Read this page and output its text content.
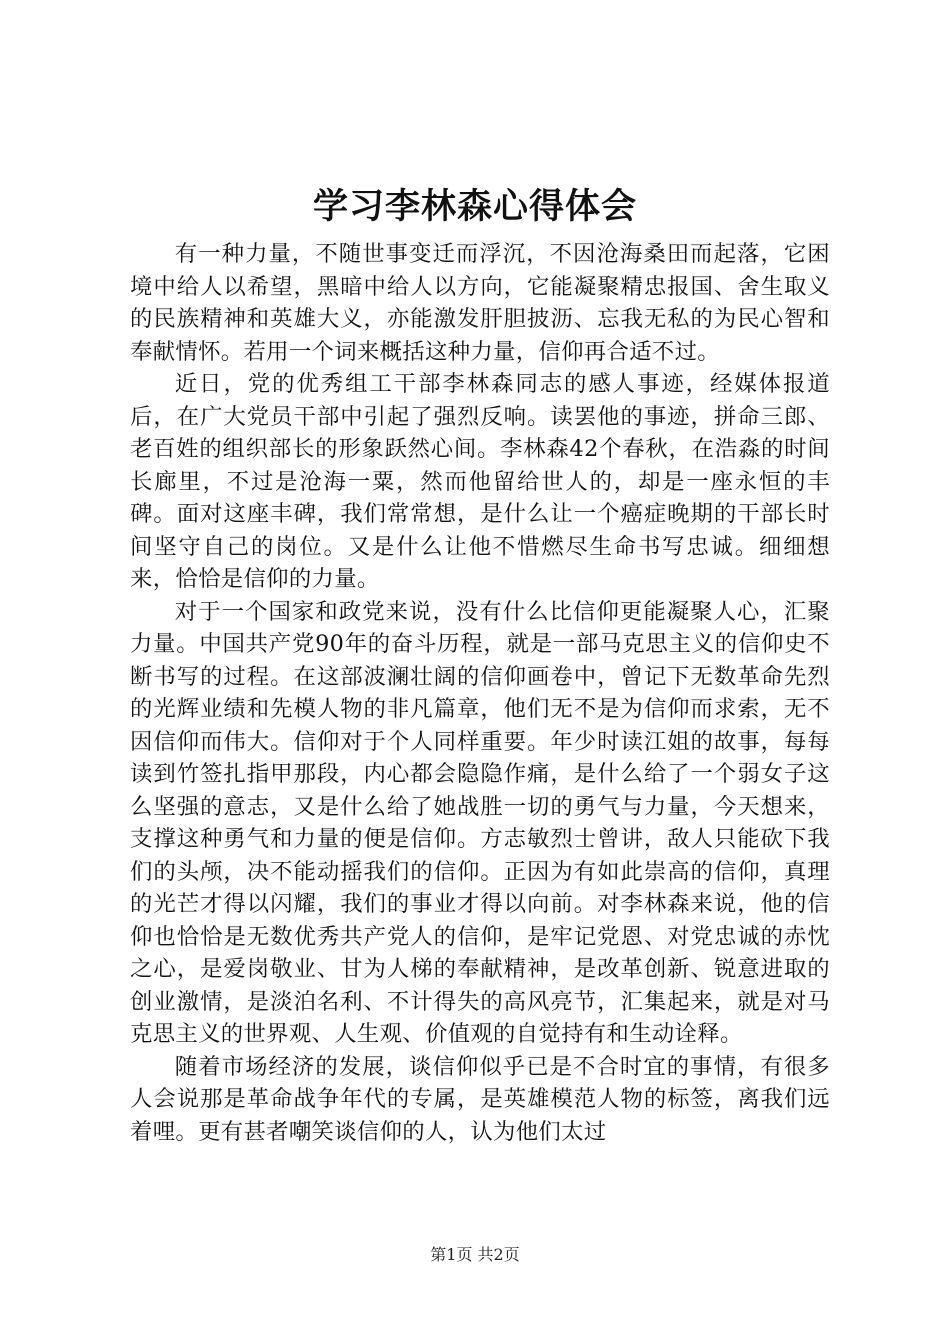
学习李林森心得体会

有一种力量，不随世事变迁而浮沉，不因沧海桑田而起落，它困境中给人以希望，黑暗中给人以方向，它能凝聚精忠报国、舍生取义的民族精神和英雄大义，亦能激发肝胆披沥、忘我无私的为民心智和奉献情怀。若用一个词来概括这种力量，信仰再合适不过。

近日，党的优秀组工干部李林森同志的感人事迹，经媒体报道后，在广大党员干部中引起了强烈反响。读罢他的事迹，拼命三郎、老百姓的组织部长的形象跃然心间。李林森42个春秋，在浩淼的时间长廊里，不过是沧海一粟，然而他留给世人的，却是一座永恒的丰碑。面对这座丰碑，我们常常想，是什么让一个癌症晚期的干部长时间坚守自己的岗位。又是什么让他不惜燃尽生命书写忠诚。细细想来，恰恰是信仰的力量。

对于一个国家和政党来说，没有什么比信仰更能凝聚人心，汇聚力量。中国共产党90年的奋斗历程，就是一部马克思主义的信仰史不断书写的过程。在这部波澜壮阔的信仰画卷中，曾记下无数革命先烈的光辉业绩和先模人物的非凡篇章，他们无不是为信仰而求索，无不因信仰而伟大。信仰对于个人同样重要。年少时读江姐的故事，每每读到竹签扎指甲那段，内心都会隐隐作痛，是什么给了一个弱女子这么坚强的意志，又是什么给了她战胜一切的勇气与力量，今天想来，支撑这种勇气和力量的便是信仰。方志敏烈士曾讲，敌人只能砍下我们的头颅，决不能动摇我们的信仰。正因为有如此崇高的信仰，真理的光芒才得以闪耀，我们的事业才得以向前。对李林森来说，他的信仰也恰恰是无数优秀共产党人的信仰，是牢记党恩、对党忠诚的赤忱之心，是爱岗敬业、甘为人梯的奉献精神，是改革创新、锐意进取的创业激情，是淡泊名利、不计得失的高风亮节，汇集起来，就是对马克思主义的世界观、人生观、价值观的自觉持有和生动诠释。

随着市场经济的发展，谈信仰似乎已是不合时宜的事情，有很多人会说那是革命战争年代的专属，是英雄模范人物的标签，离我们远着哩。更有甚者嘲笑谈信仰的人，认为他们太过

第1页 共2页
